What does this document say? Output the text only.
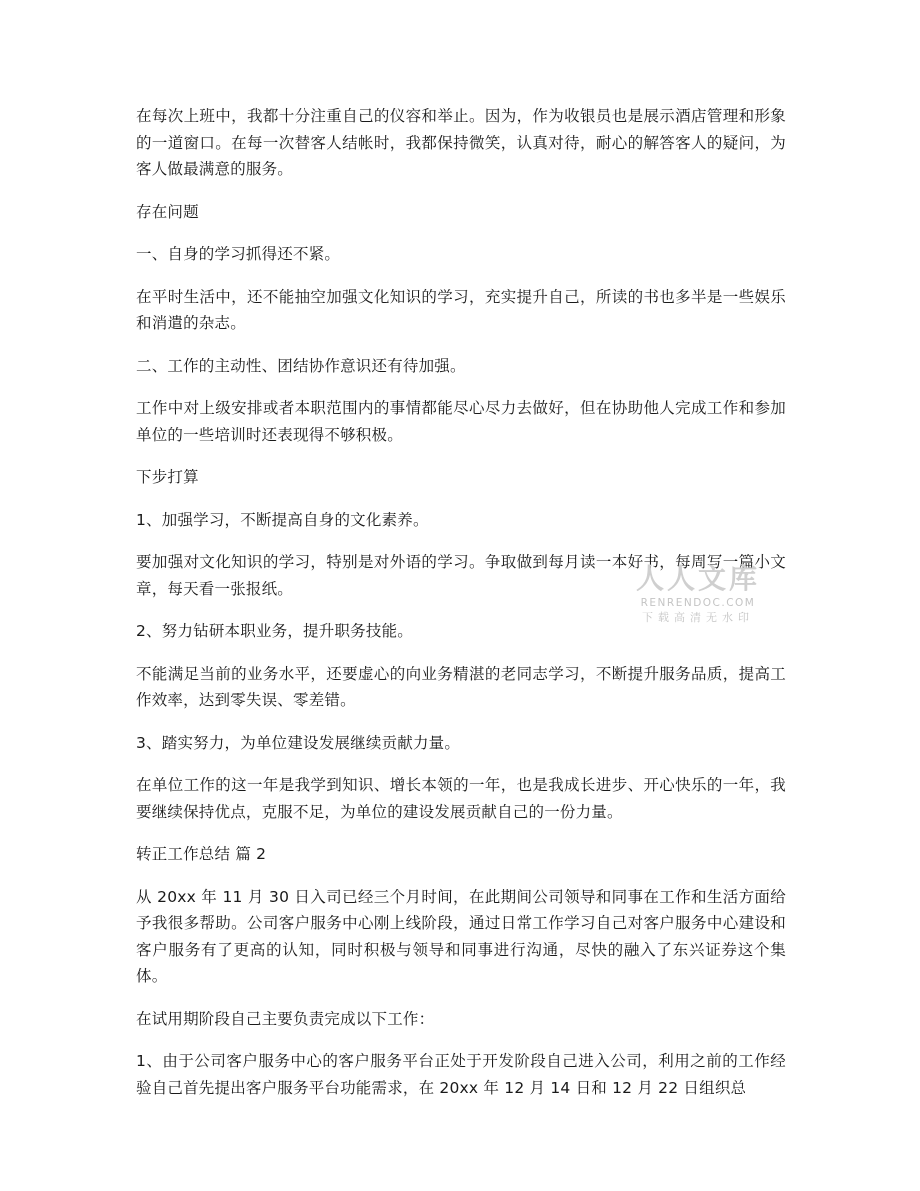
在每次上班中，我都十分注重自己的仪容和举止。因为，作为收银员也是展示酒店管理和形象的一道窗口。在每一次替客人结帐时，我都保持微笑，认真对待，耐心的解答客人的疑问，为客人做最满意的服务。

存在问题

一、自身的学习抓得还不紧。

在平时生活中，还不能抽空加强文化知识的学习，充实提升自己，所读的书也多半是一些娱乐和消遣的杂志。

二、工作的主动性、团结协作意识还有待加强。

工作中对上级安排或者本职范围内的事情都能尽心尽力去做好，但在协助他人完成工作和参加单位的一些培训时还表现得不够积极。

下步打算

1、加强学习，不断提高自身的文化素养。

要加强对文化知识的学习，特别是对外语的学习。争取做到每月读一本好书，每周写一篇小文章，每天看一张报纸。

2、努力钻研本职业务，提升职务技能。

不能满足当前的业务水平，还要虚心的向业务精湛的老同志学习，不断提升服务品质，提高工作效率，达到零失误、零差错。

3、踏实努力，为单位建设发展继续贡献力量。

在单位工作的这一年是我学到知识、增长本领的一年，也是我成长进步、开心快乐的一年，我要继续保持优点，克服不足，为单位的建设发展贡献自己的一份力量。

转正工作总结 篇 2

从 20xx 年 11 月 30 日入司已经三个月时间，在此期间公司领导和同事在工作和生活方面给予我很多帮助。公司客户服务中心刚上线阶段，通过日常工作学习自己对客户服务中心建设和客户服务有了更高的认知，同时积极与领导和同事进行沟通，尽快的融入了东兴证券这个集体。

在试用期阶段自己主要负责完成以下工作：

1、由于公司客户服务中心的客户服务平台正处于开发阶段自己进入公司，利用之前的工作经验自己首先提出客户服务平台功能需求，在 20xx 年 12 月 14 日和 12 月 22 日组织总

人人文库
RENRENDOC.COM
下载高清无水印
